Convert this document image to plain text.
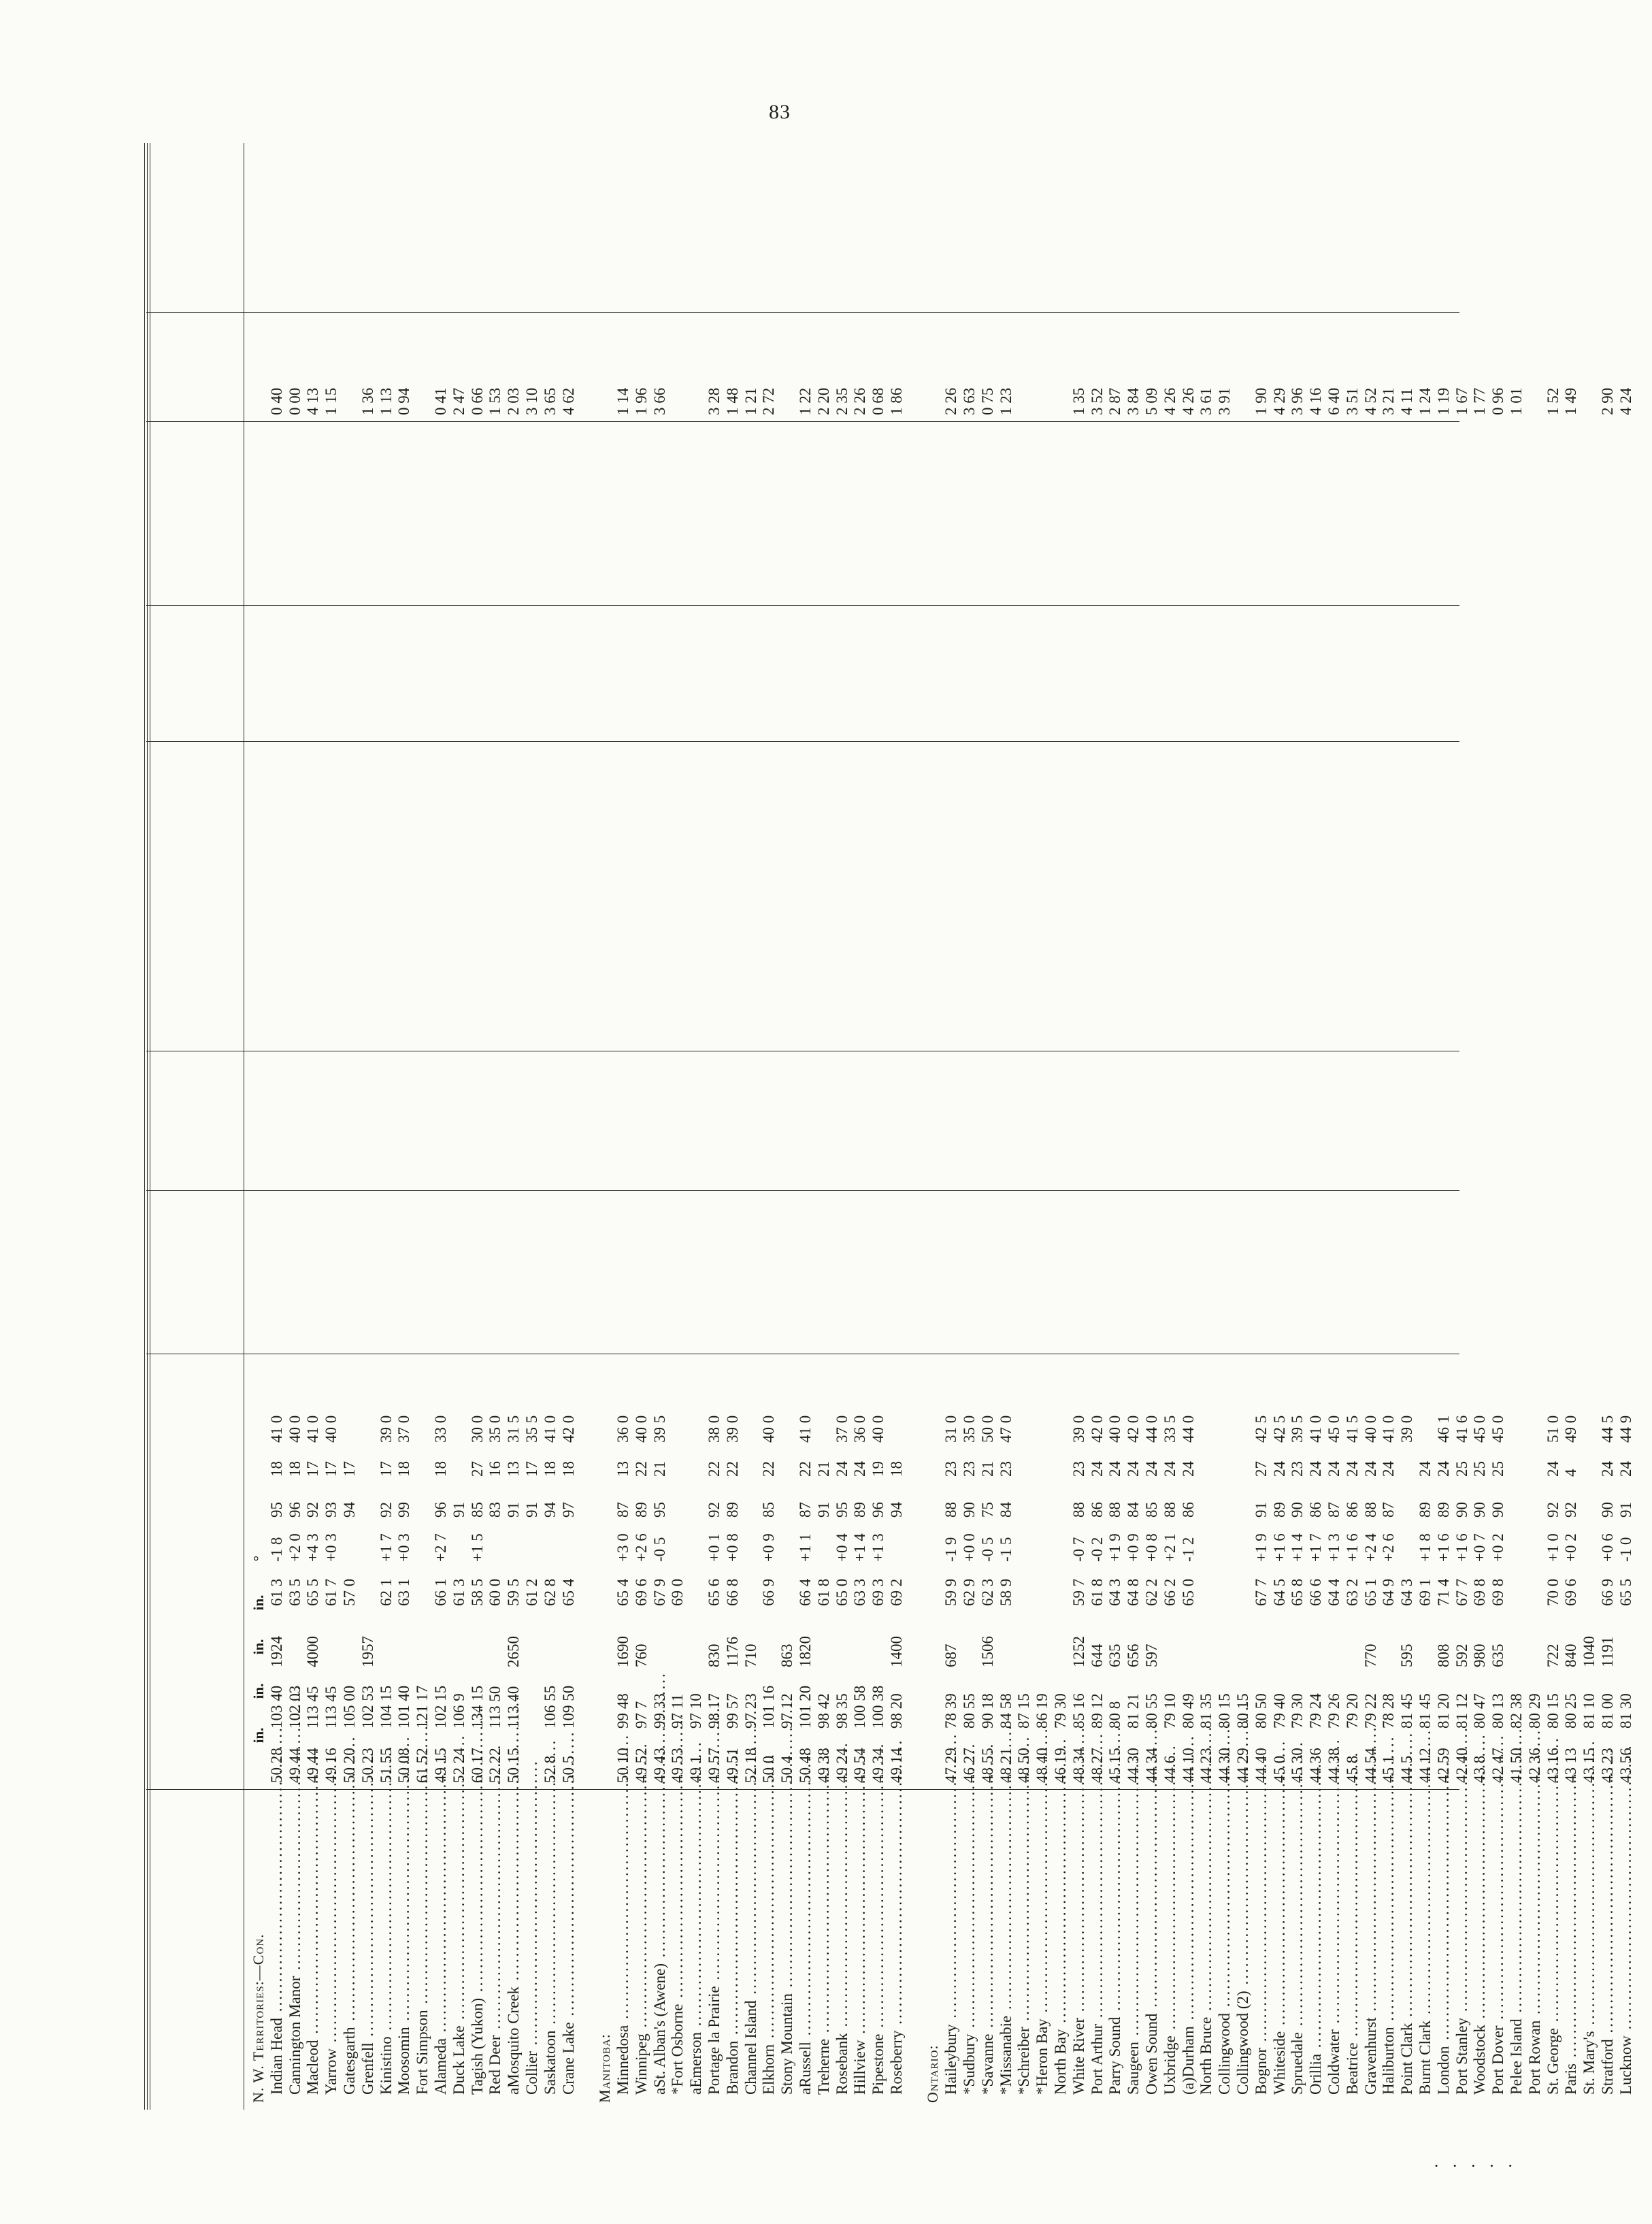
83
in.
in.
in.
in.
°
N. W. Territories:—Con. Indian Head .....
50 28
103 40
1924
61 3
-1 8
95
18
41 0
0 40
Cannington Manor .....
49 44
102 03
63 5
+2 0
96
18
40 0
0 00
Macleod .....
49 44
113 45
4000
65 5
+4 3
92
17
41 0
4 13
Yarrow .....
49 16
113 45
61 7
+0 3
93
17
40 0
1 15
Gatesgarth .....
50 20
105 00
57 0
94
17
Grenfell .....
50 23
102 53
1957
1 36
Kinistino .....
51 55
104 15
62 1
+1 7
92
17
39 0
1 13
Moosomin .....
50 08
101 40
63 1
+0 3
99
18
37 0
0 94
Fort Simpson .....
61 52
121 17
Alameda .....
49 15
102 15
66 1
+2 7
96
18
33 0
0 41
Duck Lake .....
52 24
106 9
61 3
91
2 47
Tagish (Yukon) .....
60 17
134 15
58 5
+1 5
85
27
30 0
0 66
Red Deer .....
52 22
113 50
60 0
83
16
35 0
1 53
aMosquito Creek .....
50 15
113 40
2650
59 5
91
13
31 5
2 03
Collier .....
61 2
91
17
35 5
3 10
Saskatoon .....
52 8
106 55
62 8
94
18
41 0
3 65
Crane Lake .....
50 5
109 50
65 4
97
18
42 0
4 62
Manitoba: Minnedosa .....
50 10
99 48
1690
65 4
+3 0
87
13
36 0
1 14
Winnipeg .....
49 52
97 7
760
69 6
+2 6
89
22
40 0
1 96
aSt. Alban's (Awene) .....
49 43
99 33
67 9
-0 5
95
21
39 5
3 66
*Fort Osborne .....
49 53
97 11
69 0
aEmerson .....
49 1
97 10
Portage la Prairie .....
49 57
98 17
830
65 6
+0 1
92
22
38 0
3 28
Brandon .....
49 51
99 57
1176
66 8
+0 8
89
22
39 0
1 48
Channel Island .....
52 18
97 23
710
1 21
Elkhorn .....
50 0
101 16
66 9
+0 9
85
22
40 0
2 72
Stony Mountain .....
50 4
97 12
863
aRussell .....
50 48
101 20
1820
66 4
+1 1
87
22
41 0
1 22
Treherne .....
49 38
98 42
61 8
91
21
2 20
Rosebank .....
49 24
98 35
65 0
+0 4
95
24
37 0
2 35
Hillview .....
49 54
100 58
63 3
+1 4
89
24
36 0
2 26
Pipestone .....
49 34
100 38
69 3
+1 3
96
19
40 0
0 68
Roseberry .....
49 14
98 20
1400
69 2
94
18
1 86
Ontario: Haileybury .....
47 29
78 39
687
59 9
-1 9
88
23
31 0
2 26
*Sudbury .....
46 27
80 55
62 9
+0 0
90
23
35 0
3 63
*Savanne .....
48 55
90 18
1506
62 3
-0 5
75
21
50 0
0 75
*Missanabie .....
48 21
84 58
58 9
-1 5
84
23
47 0
1 23
*Schreiber .....
48 50
87 15
*Heron Bay .....
48 40
86 19
North Bay .....
46 19
79 30
White River .....
48 34
85 16
1252
59 7
-0 7
88
23
39 0
1 35
Port Arthur .....
48 27
89 12
644
61 8
-0 2
86
24
42 0
3 52
Parry Sound .....
45 15
80 8
635
64 3
+1 9
88
24
40 0
2 87
Saugeen .....
44 30
81 21
656
64 8
+0 9
84
24
42 0
3 84
Owen Sound .....
44 34
80 55
597
62 2
+0 8
85
24
44 0
5 09
Uxbridge .....
44 6
79 10
66 2
+2 1
88
24
33 5
4 26
(a)Durham .....
44 10
80 49
65 0
-1 2
86
24
44 0
4 26
North Bruce .....
44 23
81 35
3 61
Collingwood .....
44 30
80 15
3 91
Collingwood (2) .....
44 29
80 15
Bognor .....
44 40
80 50
67 7
+1 9
91
27
42 5
1 90
Whiteside .....
45 0
79 40
64 5
+1 6
89
24
42 5
4 29
Spruedale .....
45 30
79 30
65 8
+1 4
90
23
39 5
3 96
Orillia .....
44 36
79 24
66 6
+1 7
86
24
41 0
4 16
Coldwater .....
44 38
79 26
64 4
+1 3
87
24
45 0
6 40
Beatrice .....
45 8
79 20
63 2
+1 6
86
24
41 5
3 51
Gravenhurst .....
44 54
79 22
770
65 1
+2 4
88
24
40 0
4 52
Haliburton .....
45 1
78 28
64 9
+2 6
87
24
41 0
3 21
Point Clark .....
44 5
81 45
595
64 3
39 0
4 11
Burnt Clark .....
44 12
81 45
69 1
+1 8
89
24
1 24
London .....
42 59
81 20
808
71 4
+1 6
89
24
46 1
1 19
Port Stanley .....
42 40
81 12
592
67 7
+1 6
90
25
41 6
1 67
Woodstock .....
43 8
80 47
980
69 8
+0 7
90
25
45 0
1 77
Port Dover .....
42 47
80 13
635
69 8
+0 2
90
25
45 0
0 96
Pelee Island .....
41 50
82 38
1 01
Port Rowan .....
42 36
80 29
St. George .....
43 16
80 15
722
70 0
+1 0
92
24
51 0
1 52
Paris .....
43 13
80 25
840
69 6
+0 2
92
4
49 0
1 49
St. Mary's .....
43 15
81 10
1040
Stratford .....
43 23
81 00
1191
66 9
+0 6
90
24
44 5
2 90
Lucknow .....
43 56
81 30
65 5
-1 0
91
24
44 9
4 24
· · · · ·
